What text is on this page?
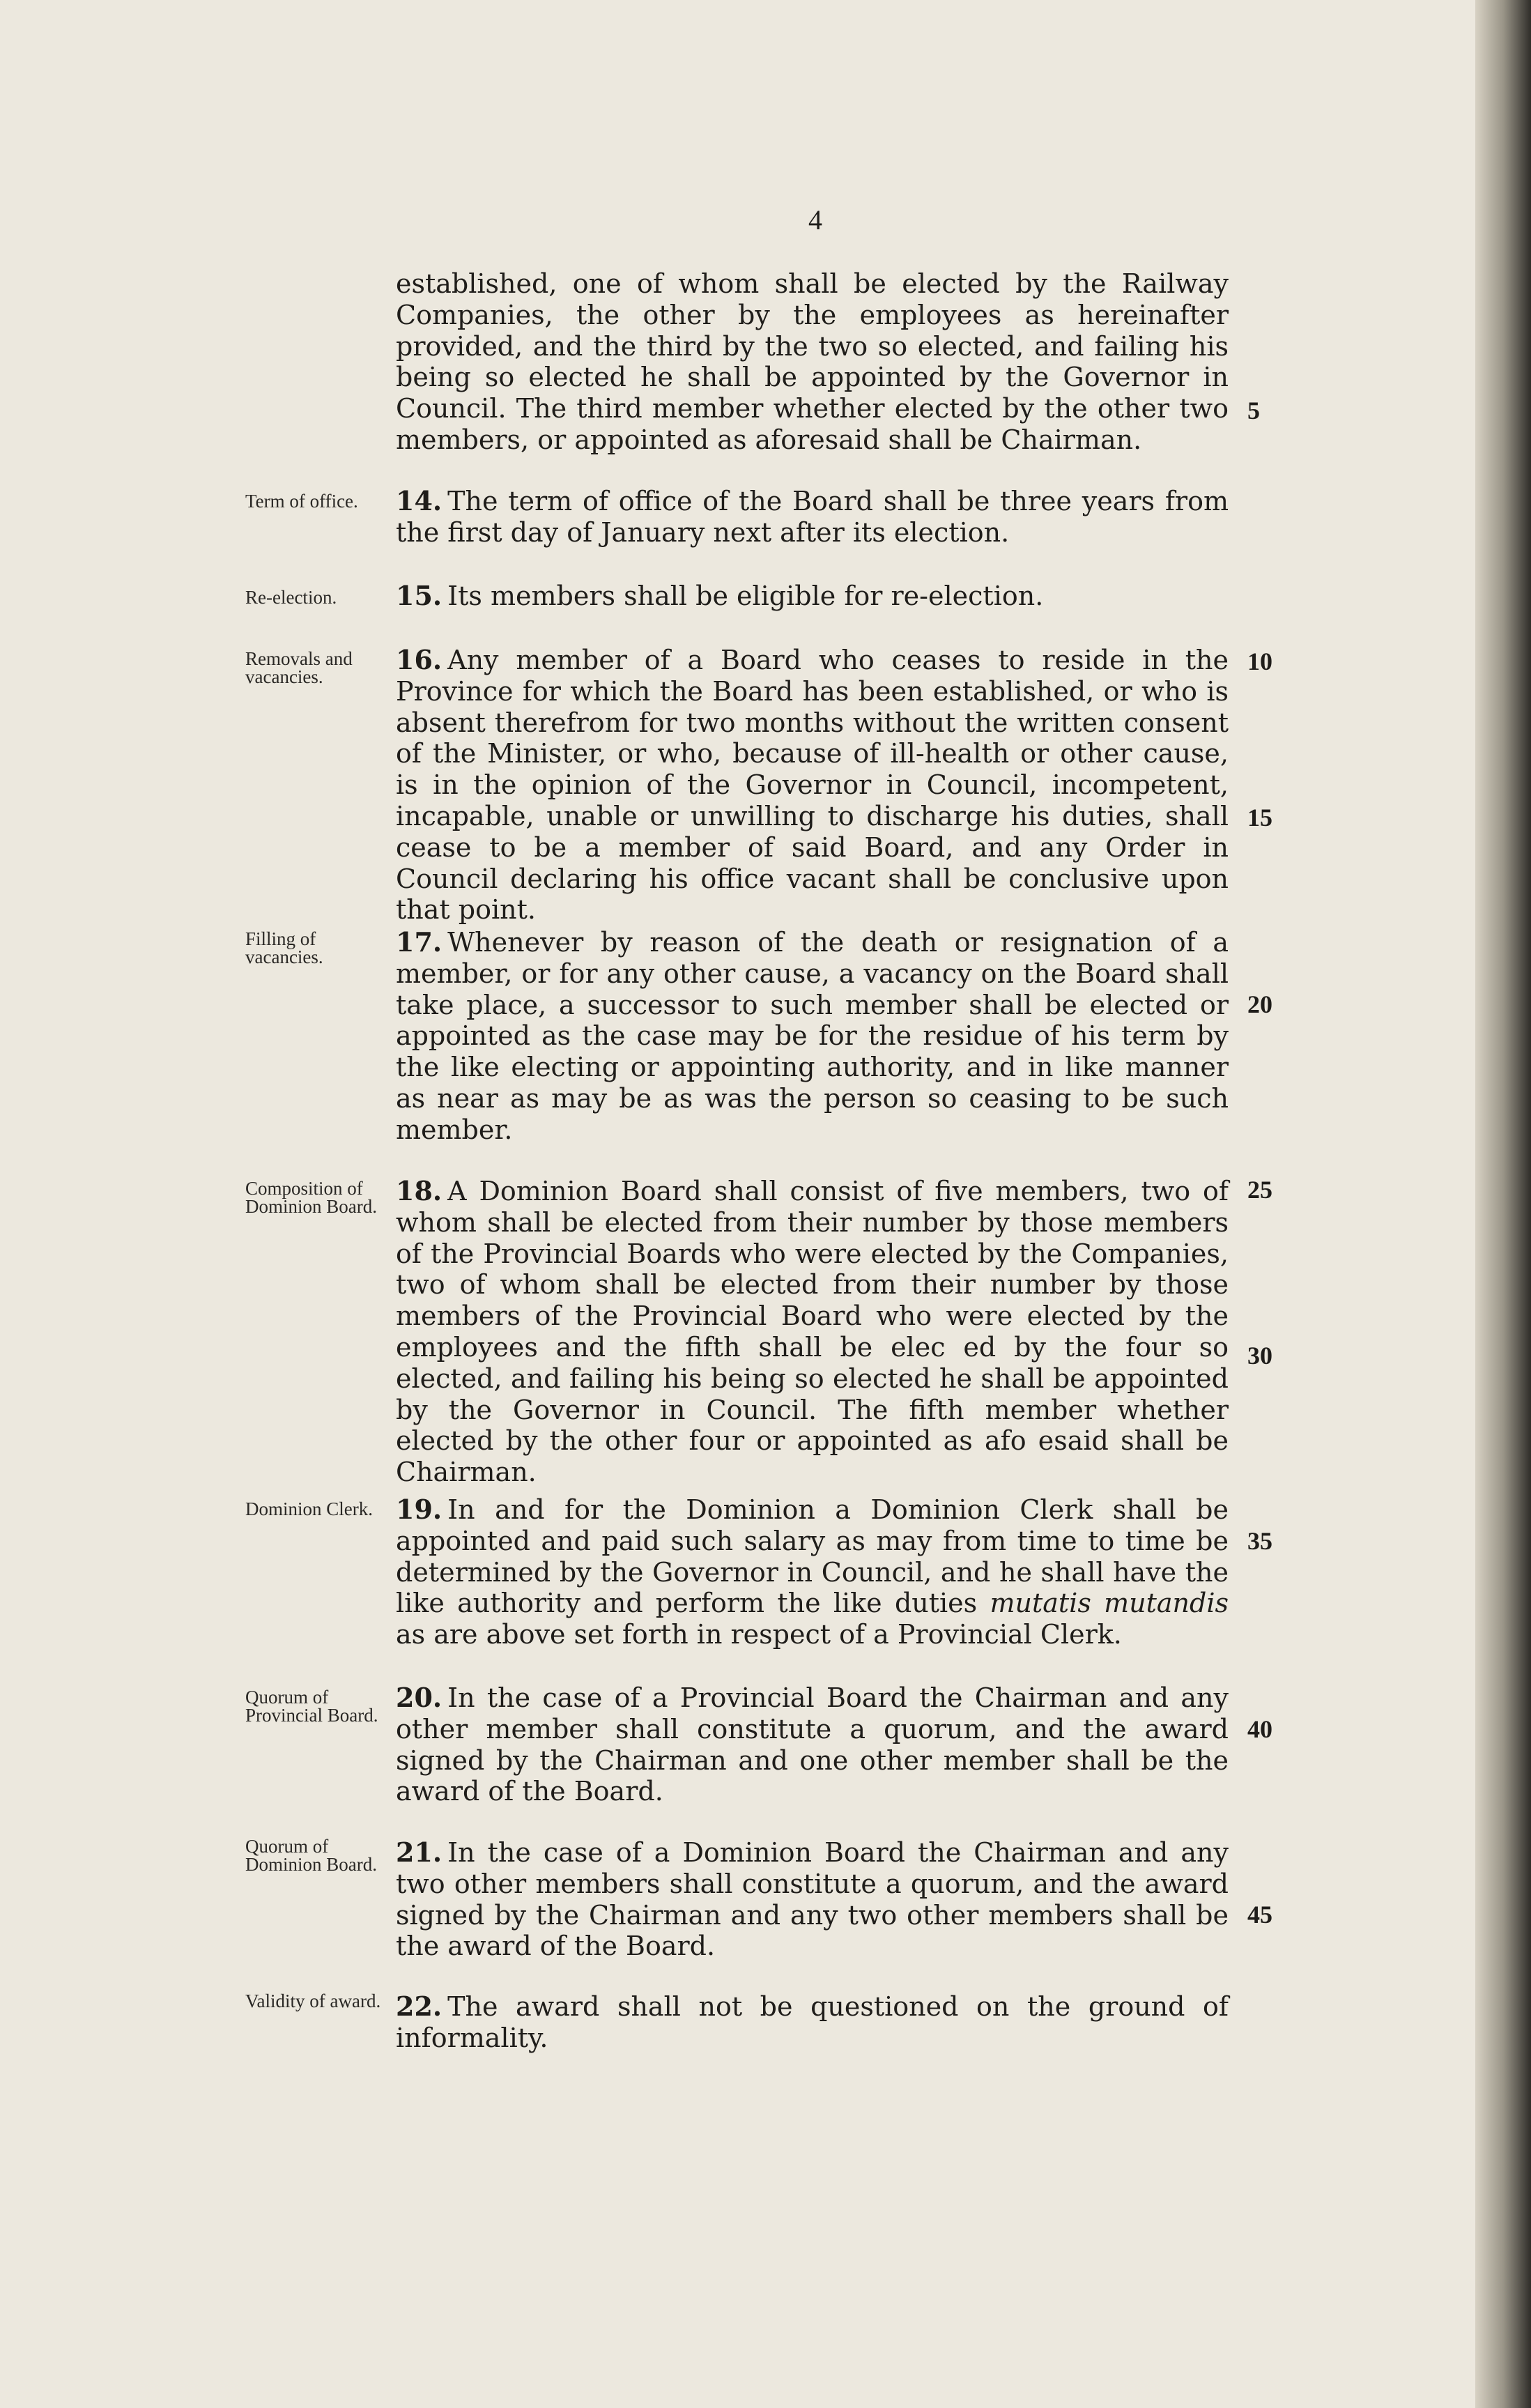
4

established, one of whom shall be elected by the Railway Companies, the other by the employees as hereinafter provided, and the third by the two so elected, and failing his being so elected he shall be appointed by the Governor in Council. The third member whether elected by the other two members, or appointed as aforesaid shall be Chairman.

Term of office.	14. The term of office of the Board shall be three years from the first day of January next after its election.

Re-election.	15. Its members shall be eligible for re-election.

Removals and vacancies.

16. Any member of a Board who ceases to reside in the Province for which the Board has been established, or who is absent therefrom for two months without the written consent of the Minister, or who, because of ill-health or other cause, is in the opinion of the Governor in Council, incompetent, incapable, unable or unwilling to discharge his duties, shall cease to be a member of said Board, and any Order in Council declaring his office vacant shall be conclusive upon that point.

Filling of vacancies.	17. Whenever by reason of the death or resignation of a member, or for any other cause, a vacancy on the Board shall take place, a successor to such member shall be elected or appointed as the case may be for the residue of his term by the like electing or appointing authority, and in like manner as near as may be as was the person so ceasing to be such member.

Composition of Dominion Board. 18. A Dominion Board shall consist of five members, two of whom shall be elected from their number by those members of the Provincial Boards who were elected by the Companies, two of whom shall be elected from their number by those members of the Provincial Board who were elected by the employees and the fifth shall be elec ed by the four so elected, and failing his being so elected he shall be appointed by the Governor in Council. The fifth member whether elected by the other four or appointed as afo esaid shall be Chairman.

Dominion Clerk. 19. In and for the Dominion a Dominion Clerk shall be appointed and paid such salary as may from time to time be determined by the Governor in Council, and he shall have the like authority and perform the like duties mutatis mutandis as are above set forth in respect of a Provincial Clerk.

Quorum of Provincial Board.

20. In the case of a Provincial Board the Chairman and any other member shall constitute a quorum, and the award signed by the Chairman and one other member shall be the award of the Board.

Quorum of Dominion Board. 21. In the case of a Dominion Board the Chairman and any two other members shall constitute a quorum, and the award signed by the Chairman and any two other members shall be the award of the Board.

Validity of award. 22. The award shall not be questioned on the ground of informality.

5
10
15
20
25
30
35
40
45
